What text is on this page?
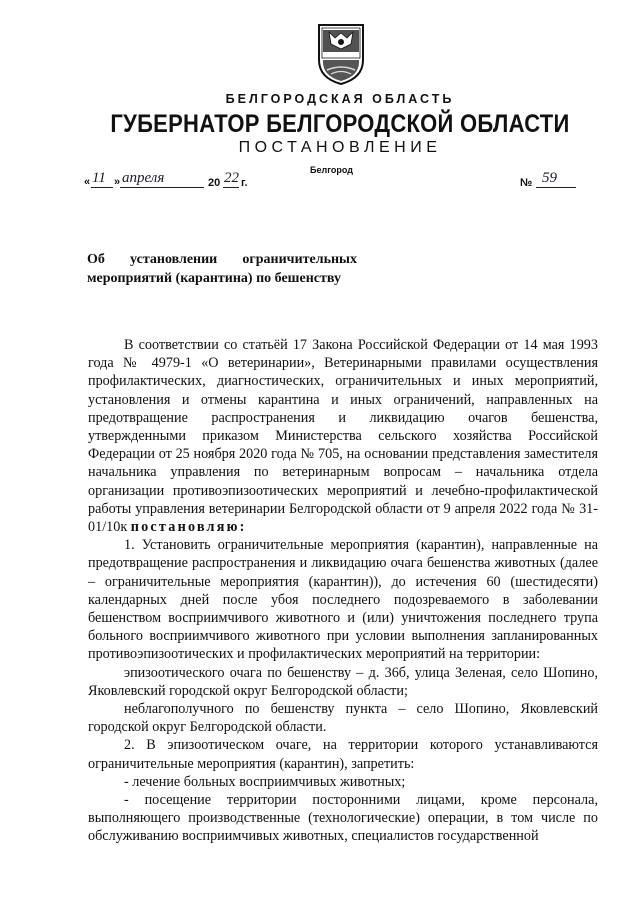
БЕЛГОРОДСКАЯ ОБЛАСТЬ
ГУБЕРНАТОР БЕЛГОРОДСКОЙ ОБЛАСТИ
ПОСТАНОВЛЕНИЕ
Белгород
« 11 » апреля	20 22 г.	№ 59
Об установлении ограничительных
мероприятий (карантина) по бешенству

В соответствии со статьёй 17 Закона Российской Федерации от 14 мая 1993 года № 4979-1 «О ветеринарии», Ветеринарными правилами осуществления профилактических, диагностических, ограничительных и иных мероприятий, установления и отмены карантина и иных ограничений, направленных на предотвращение распространения и ликвидацию очагов бешенства, утвержденными приказом Министерства сельского хозяйства Российской Федерации от 25 ноября 2020 года № 705, на основании представления заместителя начальника управления по ветеринарным вопросам – начальника отдела организации противоэпизоотических мероприятий и лечебно-профилактической работы управления ветеринарии Белгородской области от 9 апреля 2022 года № 31-01/10к постановляю:

1. Установить ограничительные мероприятия (карантин), направленные на предотвращение распространения и ликвидацию очага бешенства животных (далее – ограничительные мероприятия (карантин)), до истечения 60 (шестидесяти) календарных дней после убоя последнего подозреваемого в заболевании бешенством восприимчивого животного и (или) уничтожения последнего трупа больного восприимчивого животного при условии выполнения запланированных противоэпизоотических и профилактических мероприятий на территории:

эпизоотического очага по бешенству – д. 36б, улица Зеленая, село Шопино, Яковлевский городской округ Белгородской области;

неблагополучного по бешенству пункта – село Шопино, Яковлевский городской округ Белгородской области.

2. В эпизоотическом очаге, на территории которого устанавливаются ограничительные мероприятия (карантин), запретить:

- лечение больных восприимчивых животных;

- посещение территории посторонними лицами, кроме персонала, выполняющего производственные (технологические) операции, в том числе по обслуживанию восприимчивых животных, специалистов государственной
